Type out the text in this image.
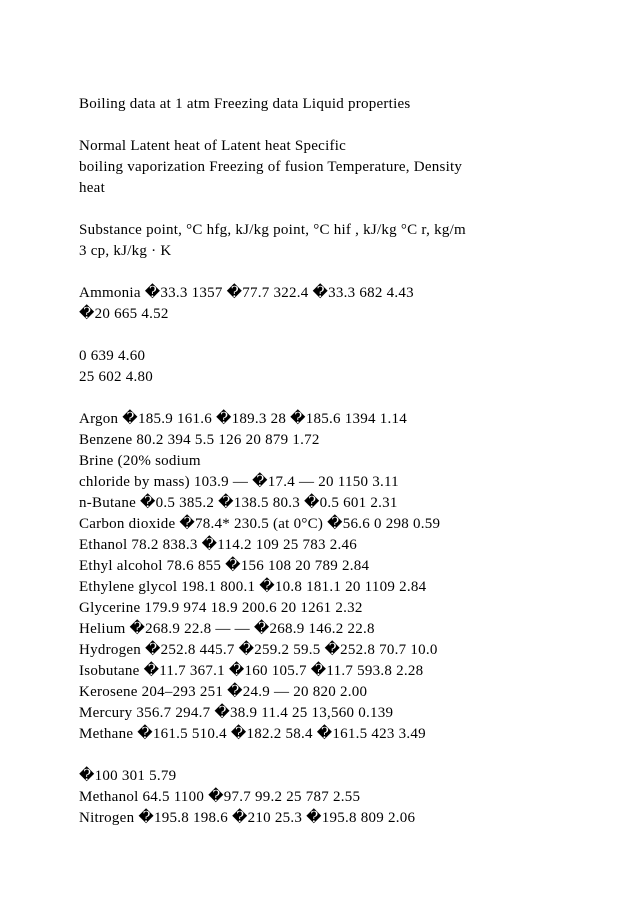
Boiling data at 1 atm Freezing data Liquid properties
Normal Latent heat of Latent heat Specific
boiling vaporization Freezing of fusion Temperature, Density
heat
Substance point, °C hfg, kJ/kg point, °C hif , kJ/kg °C r, kg/m
3 cp, kJ/kg · K
Ammonia �33.3 1357 �77.7 322.4 �33.3 682 4.43
�20 665 4.52
0 639 4.60
25 602 4.80
Argon �185.9 161.6 �189.3 28 �185.6 1394 1.14
Benzene 80.2 394 5.5 126 20 879 1.72
Brine (20% sodium
chloride by mass) 103.9 — �17.4 — 20 1150 3.11
n-Butane �0.5 385.2 �138.5 80.3 �0.5 601 2.31
Carbon dioxide �78.4* 230.5 (at 0°C) �56.6 0 298 0.59
Ethanol 78.2 838.3 �114.2 109 25 783 2.46
Ethyl alcohol 78.6 855 �156 108 20 789 2.84
Ethylene glycol 198.1 800.1 �10.8 181.1 20 1109 2.84
Glycerine 179.9 974 18.9 200.6 20 1261 2.32
Helium �268.9 22.8 — — �268.9 146.2 22.8
Hydrogen �252.8 445.7 �259.2 59.5 �252.8 70.7 10.0
Isobutane �11.7 367.1 �160 105.7 �11.7 593.8 2.28
Kerosene 204–293 251 �24.9 — 20 820 2.00
Mercury 356.7 294.7 �38.9 11.4 25 13,560 0.139
Methane �161.5 510.4 �182.2 58.4 �161.5 423 3.49
�100 301 5.79
Methanol 64.5 1100 �97.7 99.2 25 787 2.55
Nitrogen �195.8 198.6 �210 25.3 �195.8 809 2.06
